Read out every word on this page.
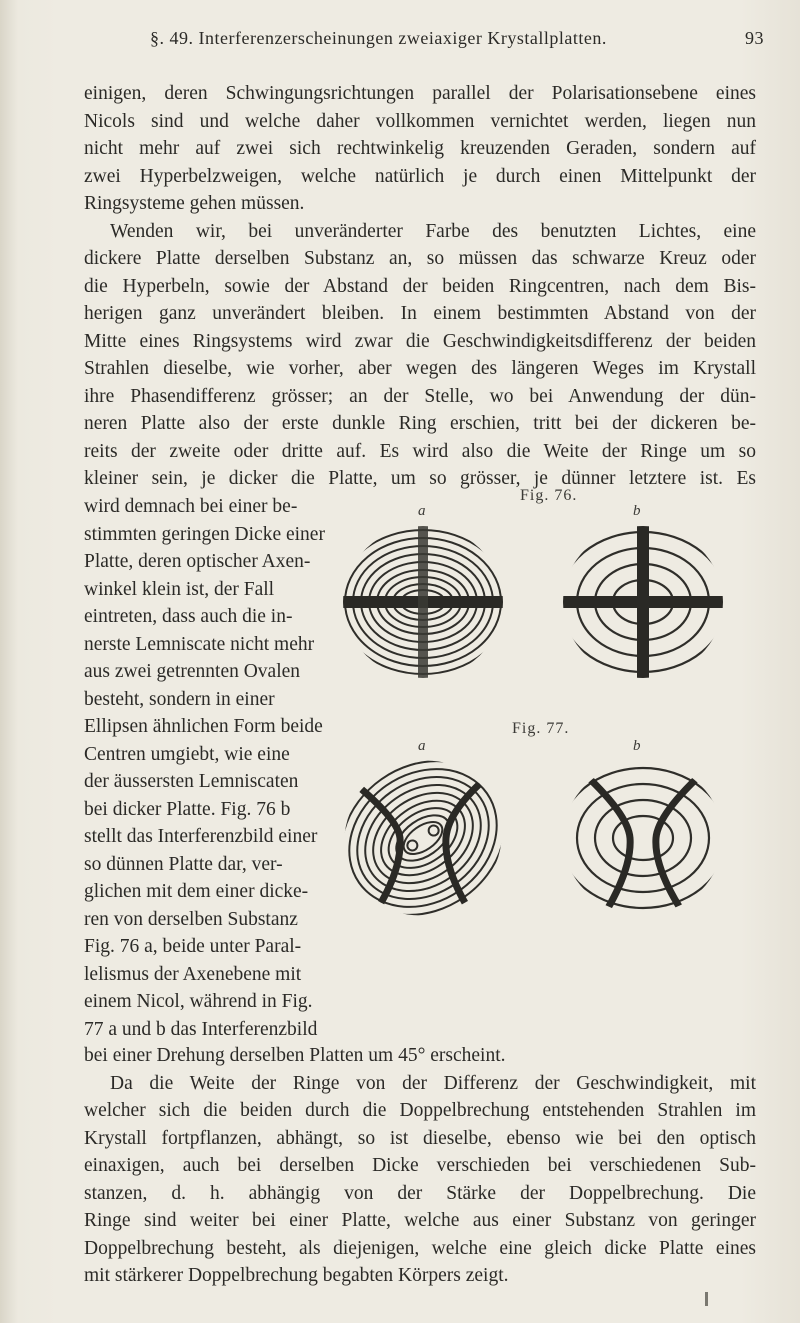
§. 49. Interferenzerscheinungen zweiaxiger Krystallplatten.	93
einigen, deren Schwingungsrichtungen parallel der Polarisationsebene eines
Nicols sind und welche daher vollkommen vernichtet werden, liegen nun
nicht mehr auf zwei sich rechtwinkelig kreuzenden Geraden, sondern auf
zwei Hyperbelzweigen, welche natürlich je durch einen Mittelpunkt der
Ringsysteme gehen müssen.
Wenden wir, bei unveränderter Farbe des benutzten Lichtes, eine
dickere Platte derselben Substanz an, so müssen das schwarze Kreuz oder
die Hyperbeln, sowie der Abstand der beiden Ringcentren, nach dem Bis-
herigen ganz unverändert bleiben. In einem bestimmten Abstand von der
Mitte eines Ringsystems wird zwar die Geschwindigkeitsdifferenz der beiden
Strahlen dieselbe, wie vorher, aber wegen des längeren Weges im Krystall
ihre Phasendifferenz grösser; an der Stelle, wo bei Anwendung der dün-
neren Platte also der erste dunkle Ring erschien, tritt bei der dickeren be-
reits der zweite oder dritte auf. Es wird also die Weite der Ringe um so
kleiner sein, je dicker die Platte, um so grösser, je dünner letztere ist. Es
wird demnach bei einer be-
stimmten geringen Dicke einer
Platte, deren optischer Axen-
winkel klein ist, der Fall
eintreten, dass auch die in-
nerste Lemniscate nicht mehr
aus zwei getrennten Ovalen
besteht, sondern in einer
Ellipsen ähnlichen Form beide
Centren umgiebt, wie eine
der äussersten Lemniscaten
bei dicker Platte. Fig. 76 b
stellt das Interferenzbild einer
so dünnen Platte dar, ver-
glichen mit dem einer dicke-
ren von derselben Substanz
Fig. 76 a, beide unter Paral-
lelismus der Axenebene mit
einem Nicol, während in Fig.
77 a und b das Interferenzbild
Fig. 76.
a	b
Fig. 77.
a	b
bei einer Drehung derselben Platten um 45° erscheint.
Da die Weite der Ringe von der Differenz der Geschwindigkeit, mit
welcher sich die beiden durch die Doppelbrechung entstehenden Strahlen im
Krystall fortpflanzen, abhängt, so ist dieselbe, ebenso wie bei den optisch
einaxigen, auch bei derselben Dicke verschieden bei verschiedenen Sub-
stanzen, d. h. abhängig von der Stärke der Doppelbrechung. Die
Ringe sind weiter bei einer Platte, welche aus einer Substanz von geringer
Doppelbrechung besteht, als diejenigen, welche eine gleich dicke Platte eines
mit stärkerer Doppelbrechung begabten Körpers zeigt.
